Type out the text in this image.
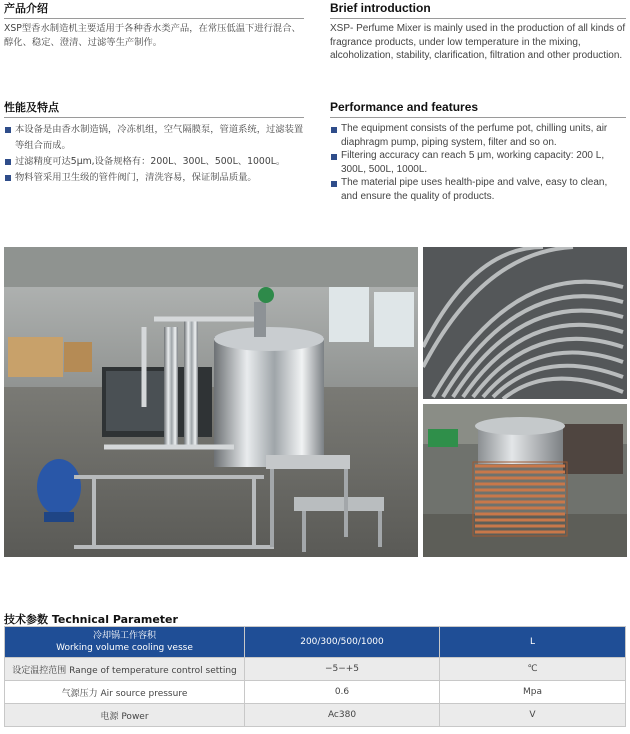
产品介绍
XSP型香水制造机主要适用于各种香水类产品，在常压低温下进行混合、醇化、稳定、澄清、过滤等生产制作。
性能及特点
本设备是由香水制造锅，冷冻机组，空气隔膜泵，管道系统，过滤装置等组合而成。
过滤精度可达5μm,设备规格有：200L、300L、500L、1000L。
物料管采用卫生级的管件阀门，清洗容易，保证制品质量。
Brief introduction
XSP- Perfume Mixer is mainly used in the production of all kinds of fragrance products, under low temperature in the mixing, alcoholization, stability, clarification, filtration and other production.
Performance and features
The equipment consists of the perfume pot, chilling units, air diaphragm pump, piping system, filter and so on.
Filtering accuracy can reach 5 μm, working capacity: 200 L, 300L, 500L, 1000L.
The material pipe uses health-pipe and valve, easy to clean, and ensure the quality of products.
技术参数 Technical Parameter
冷却锅工作容积
Working volume cooling vesse	200/300/500/1000	L
设定温控范围 Range of temperature control setting	−5−+5	℃
气源压力 Air source pressure	0.6	Mpa
电源 Power	Ac380	V
